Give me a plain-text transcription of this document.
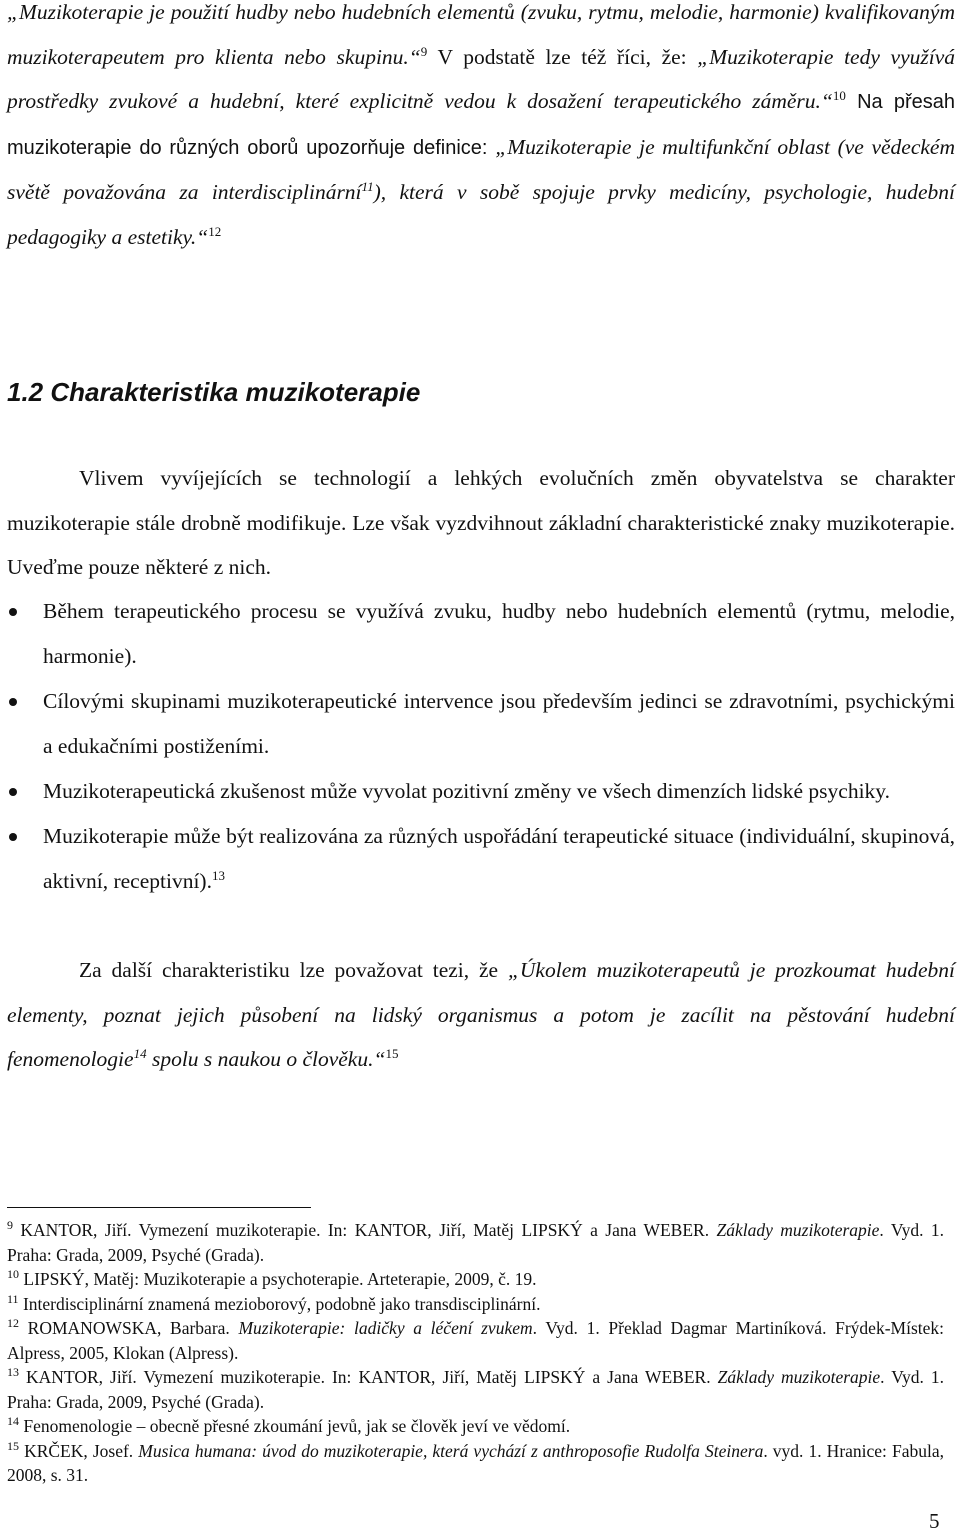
„Muzikoterapie je použití hudby nebo hudebních elementů (zvuku, rytmu, melodie, harmonie) kvalifikovaným muzikoterapeutem pro klienta nebo skupinu.“$^9$ V podstatě lze též říci, že: „Muzikoterapie tedy využívá prostředky zvukové a hudební, které explicitně vedou k dosažení terapeutického záměru.“$^{10}$ Na přesah muzikoterapie do různých oborů upozorňuje definice: „Muzikoterapie je multifunkční oblast (ve vědeckém světě považována za interdisciplinární$^{11}$), která v sobě spojuje prvky medicíny, psychologie, hudební pedagogiky a estetiky.“$^{12}$

1.2 Charakteristika muzikoterapie

Vlivem vyvíjejících se technologií a lehkých evolučních změn obyvatelstva se charakter muzikoterapie stále drobně modifikuje. Lze však vyzdvihnout základní charakteristické znaky muzikoterapie. Uveďme pouze některé z nich.

Během terapeutického procesu se využívá zvuku, hudby nebo hudebních elementů (rytmu, melodie, harmonie).
Cílovými skupinami muzikoterapeutické intervence jsou především jedinci se zdravotními, psychickými a edukačními postiženími.
Muzikoterapeutická zkušenost může vyvolat pozitivní změny ve všech dimenzích lidské psychiky.
Muzikoterapie může být realizována za různých uspořádání terapeutické situace (individuální, skupinová, aktivní, receptivní).$^{13}$

Za další charakteristiku lze považovat tezi, že „Úkolem muzikoterapeutů je prozkoumat hudební elementy, poznat jejich působení na lidský organismus a potom je zacílit na pěstování hudební fenomenologie$^{14}$ spolu s naukou o člověku.“$^{15}$

$^9$ KANTOR, Jiří. Vymezení muzikoterapie. In: KANTOR, Jiří, Matěj LIPSKÝ a Jana WEBER. Základy muzikoterapie. Vyd. 1. Praha: Grada, 2009, Psyché (Grada).

$^{10}$ LIPSKÝ, Matěj: Muzikoterapie a psychoterapie. Arteterapie, 2009, č. 19.

$^{11}$ Interdisciplinární znamená mezioborový, podobně jako transdisciplinární.

$^{12}$ ROMANOWSKA, Barbara. Muzikoterapie: ladičky a léčení zvukem. Vyd. 1. Překlad Dagmar Martiníková. Frýdek-Místek: Alpress, 2005, Klokan (Alpress).

$^{13}$ KANTOR, Jiří. Vymezení muzikoterapie. In: KANTOR, Jiří, Matěj LIPSKÝ a Jana WEBER. Základy muzikoterapie. Vyd. 1. Praha: Grada, 2009, Psyché (Grada).

$^{14}$ Fenomenologie – obecně přesné zkoumání jevů, jak se člověk jeví ve vědomí.

$^{15}$ KRČEK, Josef. Musica humana: úvod do muzikoterapie, která vychází z anthroposofie Rudolfa Steinera. vyd. 1. Hranice: Fabula, 2008, s. 31.

5
